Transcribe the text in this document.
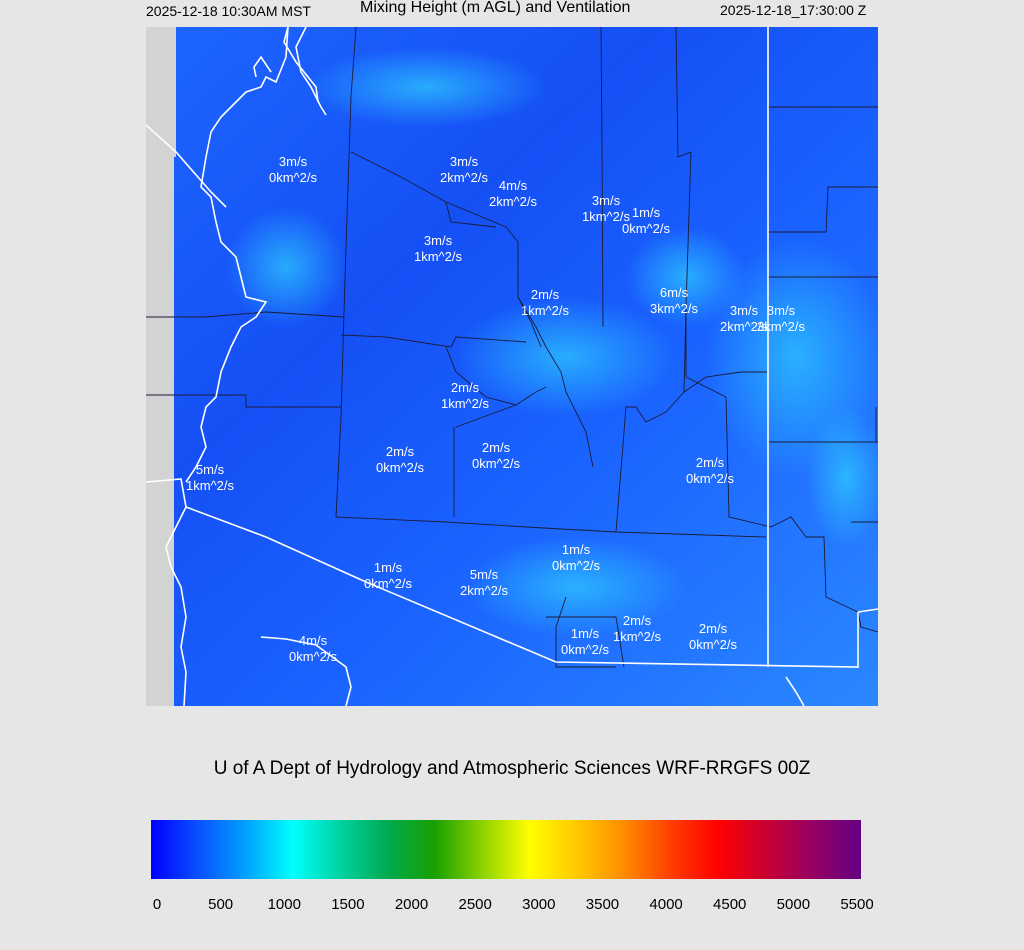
2025-12-18 10:30AM MST	Mixing Height (m AGL) and Ventilation	2025-12-18_17:30:00 Z
3m/s
0km^2/s
3m/s
2km^2/s
4m/s
2km^2/s	3m/s
1km^2/s 1m/s
0km^2/s
3m/s
1km^2/s
2m/s
1km^2/s
6m/s
3km^2/s 3m/s
2km^2/s
8m/s
3km^2/s
2m/s
1km^2/s
2m/s
0km^2/s
2m/s
0km^2/s	2m/s
0km^2/s
5m/s
1km^2/s
1m/s
0km^2/s
1m/s
0km^2/s
5m/s
2km^2/s
2m/s
1km^2/s
1m/s
0km^2/s
2m/s
0km^2/s
4m/s
0km^2/s
U of A Dept of Hydrology and Atmospheric Sciences WRF-RRGFS 00Z
0	500 1000 1500 2000 2500 3000 3500 4000 4500 5000 5500
